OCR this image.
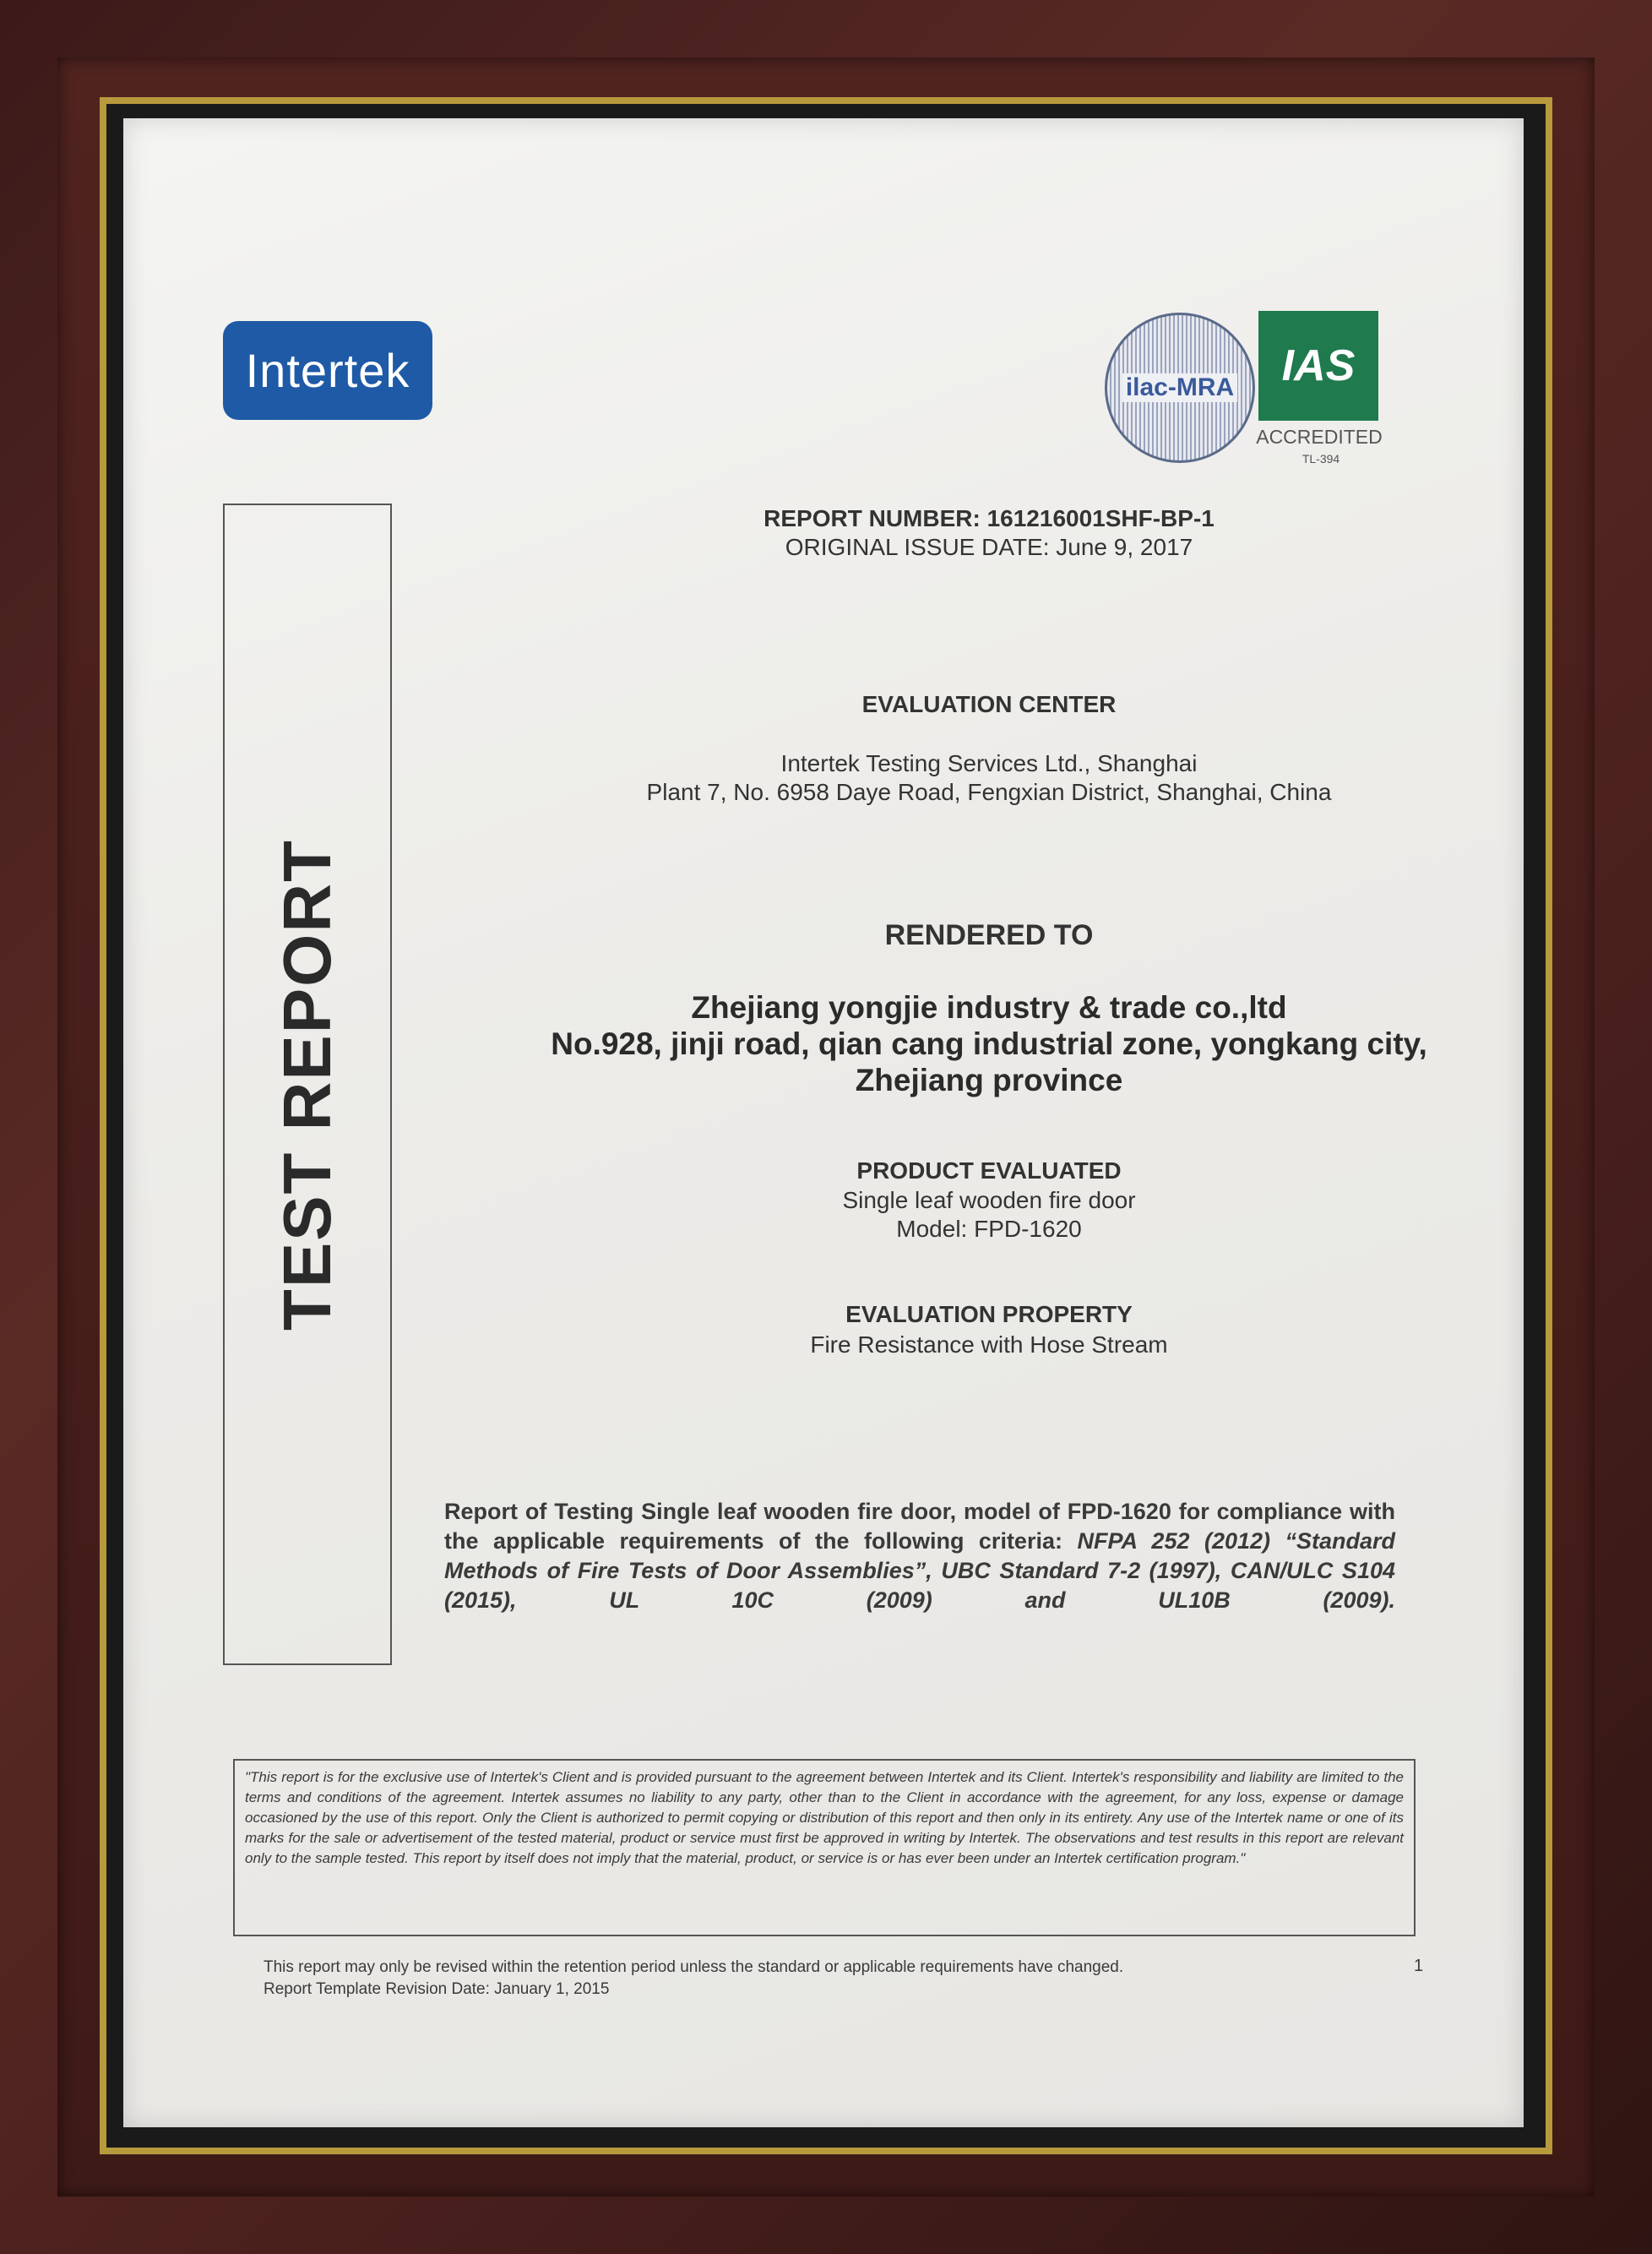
Intertek	ilac-MRA IAS
ACCREDITED
TL-394
TEST REPORT
REPORT NUMBER: 161216001SHF-BP-1
ORIGINAL ISSUE DATE: June 9, 2017
EVALUATION CENTER
Intertek Testing Services Ltd., Shanghai
Plant 7, No. 6958 Daye Road, Fengxian District, Shanghai, China
RENDERED TO
Zhejiang yongjie industry & trade co.,ltd
No.928, jinji road, qian cang industrial zone, yongkang city,
Zhejiang province
PRODUCT EVALUATED
Single leaf wooden fire door
Model: FPD-1620
EVALUATION PROPERTY
Fire Resistance with Hose Stream
Report of Testing Single leaf wooden fire door, model of FPD-1620 for compliance with the applicable requirements of the following criteria: NFPA 252 (2012) “Standard Methods of Fire Tests of Door Assemblies”, UBC Standard 7-2 (1997), CAN/ULC S104 (2015), UL 10C (2009) and UL10B (2009).
"This report is for the exclusive use of Intertek's Client and is provided pursuant to the agreement between Intertek and its Client. Intertek's responsibility and liability are limited to the terms and conditions of the agreement. Intertek assumes no liability to any party, other than to the Client in accordance with the agreement, for any loss, expense or damage occasioned by the use of this report. Only the Client is authorized to permit copying or distribution of this report and then only in its entirety. Any use of the Intertek name or one of its marks for the sale or advertisement of the tested material, product or service must first be approved in writing by Intertek. The observations and test results in this report are relevant only to the sample tested. This report by itself does not imply that the material, product, or service is or has ever been under an Intertek certification program."
This report may only be revised within the retention period unless the standard or applicable requirements have changed.
Report Template Revision Date: January 1, 2015
1
